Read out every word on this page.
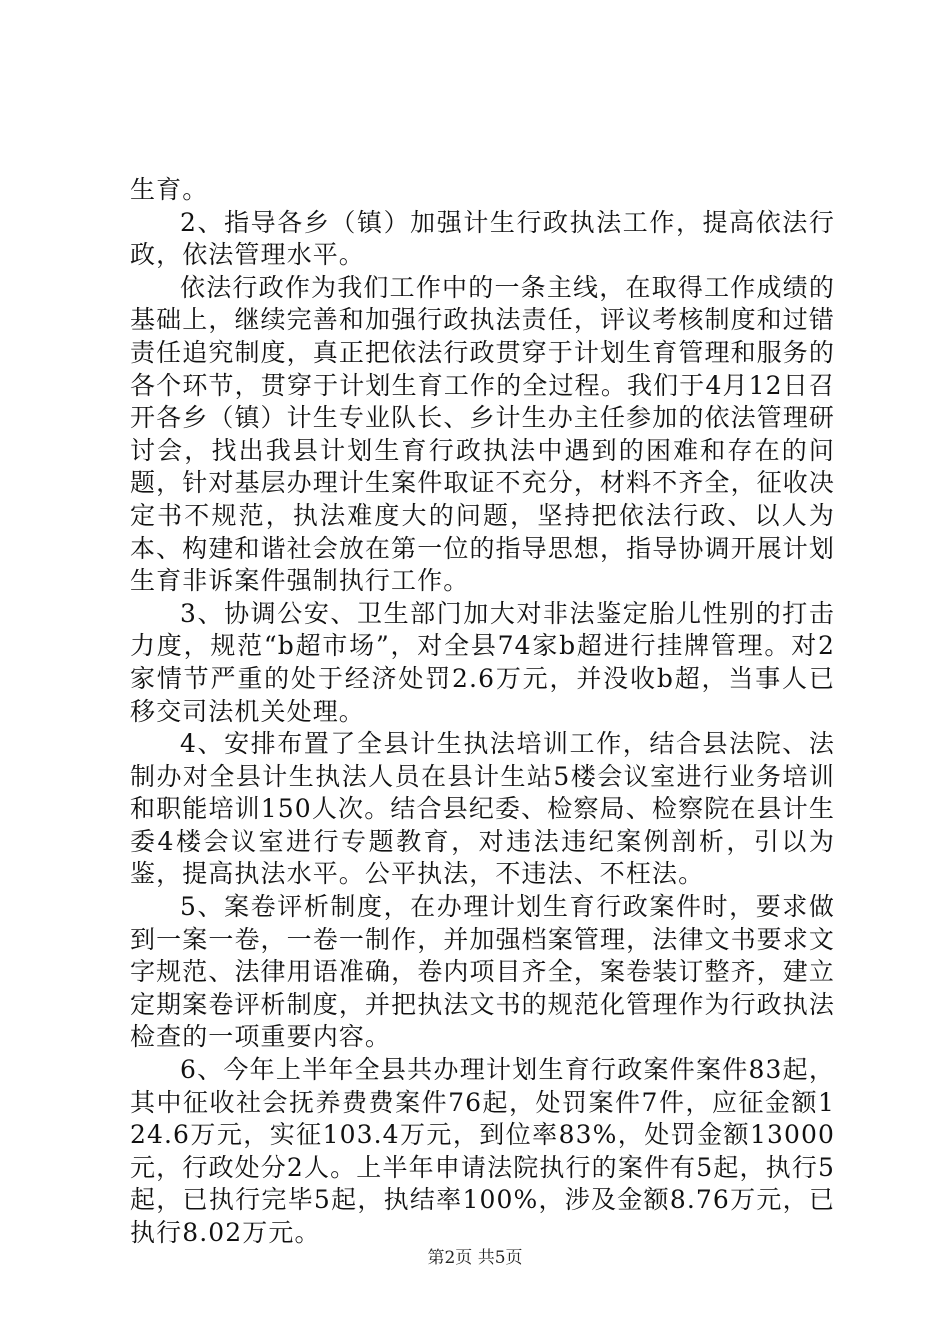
生育。

2、指导各乡（镇）加强计生行政执法工作，提高依法行政，依法管理水平。

依法行政作为我们工作中的一条主线，在取得工作成绩的基础上，继续完善和加强行政执法责任，评议考核制度和过错责任追究制度，真正把依法行政贯穿于计划生育管理和服务的各个环节，贯穿于计划生育工作的全过程。我们于4月12日召开各乡（镇）计生专业队长、乡计生办主任参加的依法管理研讨会，找出我县计划生育行政执法中遇到的困难和存在的问题，针对基层办理计生案件取证不充分，材料不齐全，征收决定书不规范，执法难度大的问题，坚持把依法行政、以人为本、构建和谐社会放在第一位的指导思想，指导协调开展计划生育非诉案件强制执行工作。

3、协调公安、卫生部门加大对非法鉴定胎儿性别的打击力度，规范“b超市场”，对全县74家b超进行挂牌管理。对2家情节严重的处于经济处罚2.6万元，并没收b超，当事人已移交司法机关处理。

4、安排布置了全县计生执法培训工作，结合县法院、法制办对全县计生执法人员在县计生站5楼会议室进行业务培训和职能培训150人次。结合县纪委、检察局、检察院在县计生委4楼会议室进行专题教育，对违法违纪案例剖析，引以为鉴，提高执法水平。公平执法，不违法、不枉法。

5、案卷评析制度，在办理计划生育行政案件时，要求做到一案一卷，一卷一制作，并加强档案管理，法律文书要求文字规范、法律用语准确，卷内项目齐全，案卷装订整齐，建立定期案卷评析制度，并把执法文书的规范化管理作为行政执法检查的一项重要内容。

6、今年上半年全县共办理计划生育行政案件案件83起，其中征收社会抚养费费案件76起，处罚案件7件，应征金额124.6万元，实征103.4万元，到位率83%，处罚金额13000元，行政处分2人。上半年申请法院执行的案件有5起，执行5起，已执行完毕5起，执结率100%，涉及金额8.76万元，已执行8.02万元。

第2页 共5页
